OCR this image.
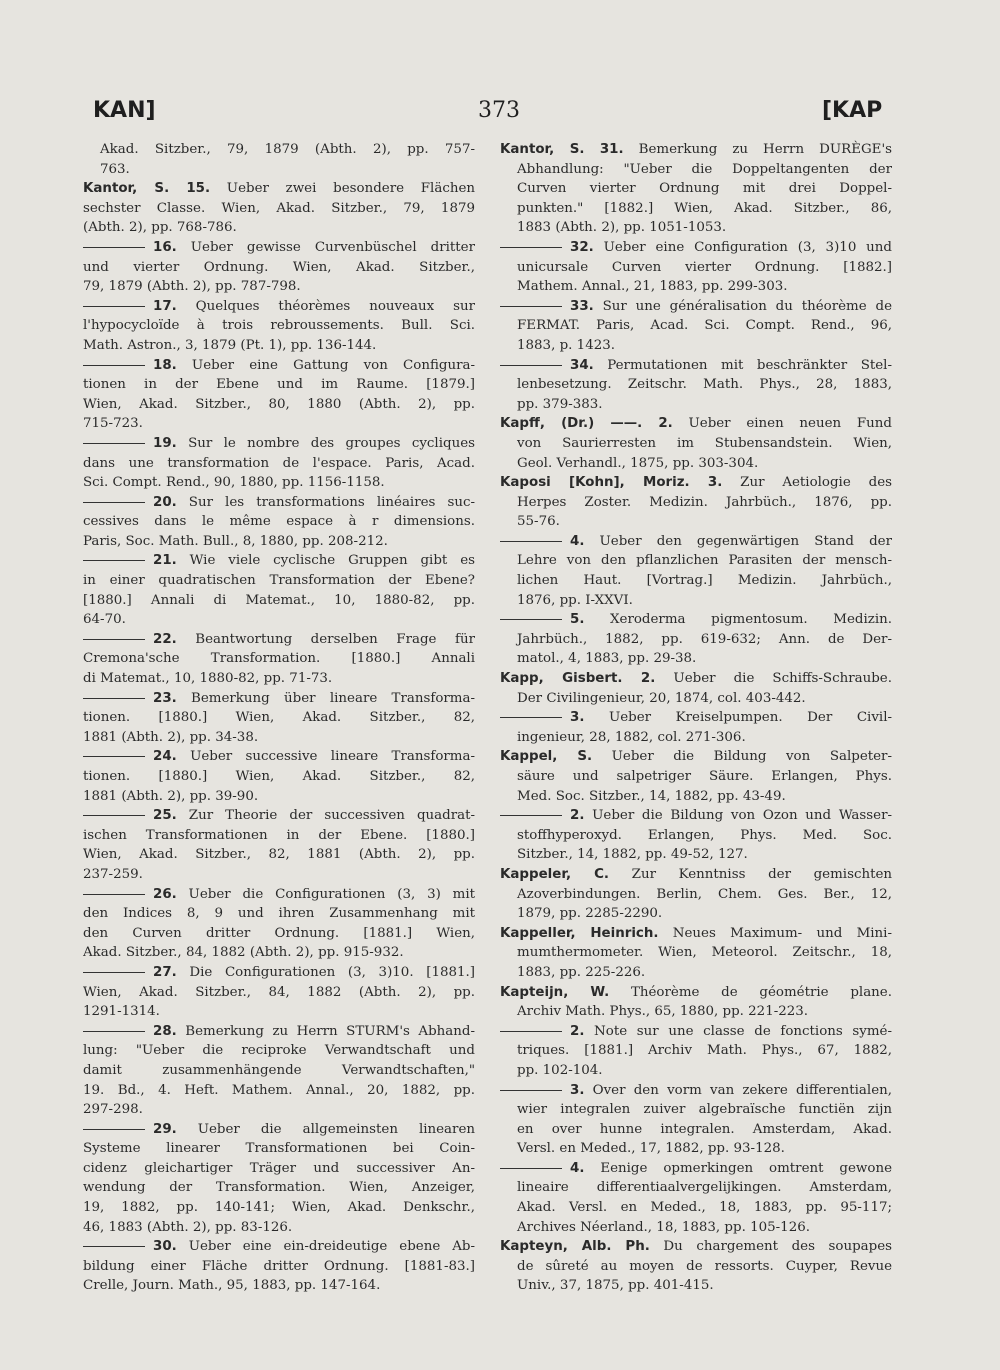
KAN]	373	[KAP
Akad. Sitzber., 79, 1879 (Abth. 2), pp. 757-
763.
Kantor, S. 15. Ueber zwei besondere Flächen
sechster Classe. Wien, Akad. Sitzber., 79, 1879
(Abth. 2), pp. 768-786.
16. Ueber gewisse Curvenbüschel dritter
und vierter Ordnung. Wien, Akad. Sitzber.,
79, 1879 (Abth. 2), pp. 787-798.
17. Quelques théorèmes nouveaux sur
l'hypocycloïde à trois rebroussements. Bull. Sci.
Math. Astron., 3, 1879 (Pt. 1), pp. 136-144.
18. Ueber eine Gattung von Configura-
tionen in der Ebene und im Raume. [1879.]
Wien, Akad. Sitzber., 80, 1880 (Abth. 2), pp.
715-723.
19. Sur le nombre des groupes cycliques
dans une transformation de l'espace. Paris, Acad.
Sci. Compt. Rend., 90, 1880, pp. 1156-1158.
20. Sur les transformations linéaires suc-
cessives dans le même espace à r dimensions.
Paris, Soc. Math. Bull., 8, 1880, pp. 208-212.
21. Wie viele cyclische Gruppen gibt es
in einer quadratischen Transformation der Ebene?
[1880.] Annali di Matemat., 10, 1880-82, pp.
64-70.
22. Beantwortung derselben Frage für
Cremona'sche Transformation. [1880.] Annali
di Matemat., 10, 1880-82, pp. 71-73.
23. Bemerkung über lineare Transforma-
tionen. [1880.] Wien, Akad. Sitzber., 82,
1881 (Abth. 2), pp. 34-38.
24. Ueber successive lineare Transforma-
tionen. [1880.] Wien, Akad. Sitzber., 82,
1881 (Abth. 2), pp. 39-90.
25. Zur Theorie der successiven quadrat-
ischen Transformationen in der Ebene. [1880.]
Wien, Akad. Sitzber., 82, 1881 (Abth. 2), pp.
237-259.
26. Ueber die Configurationen (3, 3) mit
den Indices 8, 9 und ihren Zusammenhang mit
den Curven dritter Ordnung. [1881.] Wien,
Akad. Sitzber., 84, 1882 (Abth. 2), pp. 915-932.
27. Die Configurationen (3, 3)10. [1881.]
Wien, Akad. Sitzber., 84, 1882 (Abth. 2), pp.
1291-1314.
28. Bemerkung zu Herrn STURM's Abhand-
lung: "Ueber die reciproke Verwandtschaft und
damit zusammenhängende Verwandtschaften,"
19. Bd., 4. Heft. Mathem. Annal., 20, 1882, pp.
297-298.
29. Ueber die allgemeinsten linearen
Systeme linearer Transformationen bei Coin-
cidenz gleichartiger Träger und successiver An-
wendung der Transformation. Wien, Anzeiger,
19, 1882, pp. 140-141; Wien, Akad. Denkschr.,
46, 1883 (Abth. 2), pp. 83-126.
30. Ueber eine ein-dreideutige ebene Ab-
bildung einer Fläche dritter Ordnung. [1881-83.]
Crelle, Journ. Math., 95, 1883, pp. 147-164.
Kantor, S. 31. Bemerkung zu Herrn DURÈGE's
Abhandlung: "Ueber die Doppeltangenten der
Curven vierter Ordnung mit drei Doppel-
punkten." [1882.] Wien, Akad. Sitzber., 86,
1883 (Abth. 2), pp. 1051-1053.
32. Ueber eine Configuration (3, 3)10 und
unicursale Curven vierter Ordnung. [1882.]
Mathem. Annal., 21, 1883, pp. 299-303.
33. Sur une généralisation du théorème de
FERMAT. Paris, Acad. Sci. Compt. Rend., 96,
1883, p. 1423.
34. Permutationen mit beschränkter Stel-
lenbesetzung. Zeitschr. Math. Phys., 28, 1883,
pp. 379-383.
Kapff, (Dr.) ——. 2. Ueber einen neuen Fund
von Saurierresten im Stubensandstein. Wien,
Geol. Verhandl., 1875, pp. 303-304.
Kaposi [Kohn], Moriz. 3. Zur Aetiologie des
Herpes Zoster. Medizin. Jahrbüch., 1876, pp.
55-76.
4. Ueber den gegenwärtigen Stand der
Lehre von den pflanzlichen Parasiten der mensch-
lichen Haut. [Vortrag.] Medizin. Jahrbüch.,
1876, pp. I-XXVI.
5. Xeroderma pigmentosum. Medizin.
Jahrbüch., 1882, pp. 619-632; Ann. de Der-
matol., 4, 1883, pp. 29-38.
Kapp, Gisbert. 2. Ueber die Schiffs-Schraube.
Der Civilingenieur, 20, 1874, col. 403-442.
3. Ueber Kreiselpumpen. Der Civil-
ingenieur, 28, 1882, col. 271-306.
Kappel, S. Ueber die Bildung von Salpeter-
säure und salpetriger Säure. Erlangen, Phys.
Med. Soc. Sitzber., 14, 1882, pp. 43-49.
2. Ueber die Bildung von Ozon und Wasser-
stoffhyperoxyd. Erlangen, Phys. Med. Soc.
Sitzber., 14, 1882, pp. 49-52, 127.
Kappeler, C. Zur Kenntniss der gemischten
Azoverbindungen. Berlin, Chem. Ges. Ber., 12,
1879, pp. 2285-2290.
Kappeller, Heinrich. Neues Maximum- und Mini-
mumthermometer. Wien, Meteorol. Zeitschr., 18,
1883, pp. 225-226.
Kapteijn, W. Théorème de géométrie plane.
Archiv Math. Phys., 65, 1880, pp. 221-223.
2. Note sur une classe de fonctions symé-
triques. [1881.] Archiv Math. Phys., 67, 1882,
pp. 102-104.
3. Over den vorm van zekere differentialen,
wier integralen zuiver algebraïsche functiën zijn
en over hunne integralen. Amsterdam, Akad.
Versl. en Meded., 17, 1882, pp. 93-128.
4. Eenige opmerkingen omtrent gewone
lineaire differentiaalvergelijkingen. Amsterdam,
Akad. Versl. en Meded., 18, 1883, pp. 95-117;
Archives Néerland., 18, 1883, pp. 105-126.
Kapteyn, Alb. Ph. Du chargement des soupapes
de sûreté au moyen de ressorts. Cuyper, Revue
Univ., 37, 1875, pp. 401-415.
